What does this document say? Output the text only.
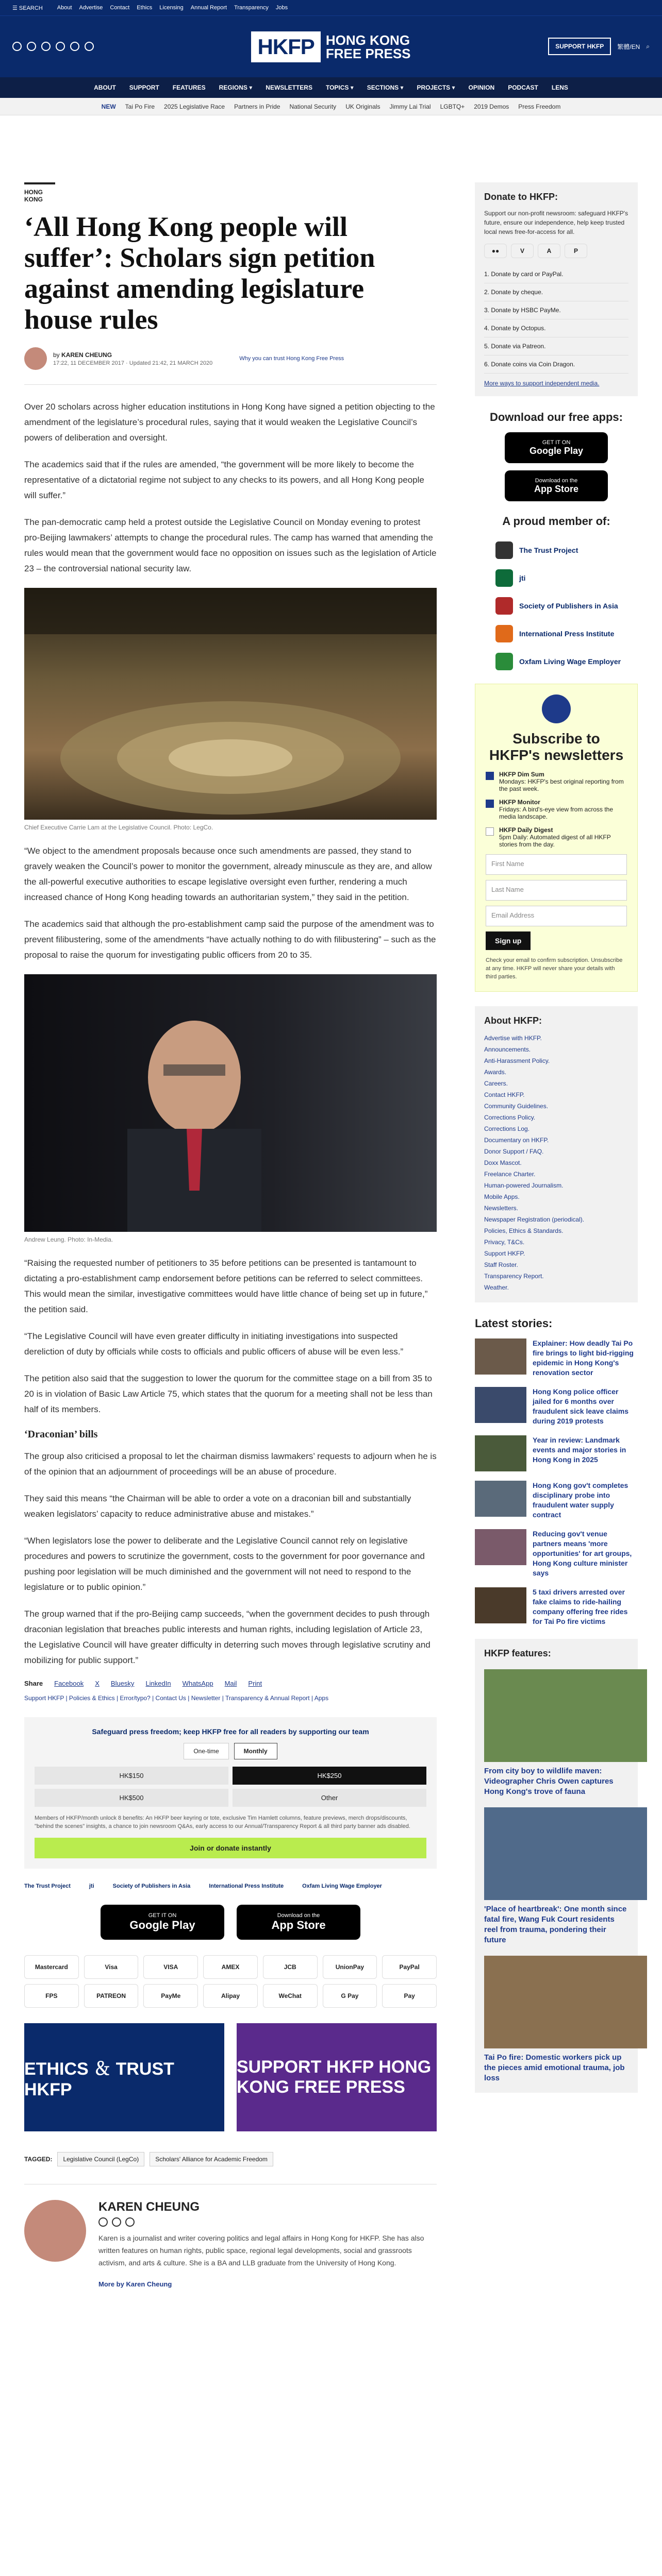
☰ SEARCH	About Advertise Contact Ethics Licensing Annual Report Transparency Jobs
HKFP HONG KONG
FREE PRESS	SUPPORT HKFP	繁體/EN ⌕
ABOUT SUPPORT FEATURES REGIONS ▾ NEWSLETTERS TOPICS ▾ SECTIONS ▾ PROJECTS ▾ OPINION PODCAST LENS
NEW Tai Po Fire 2025 Legislative Race Partners in Pride National Security UK Originals Jimmy Lai Trial LGBTQ+ 2019 Demos Press Freedom
HONG KONG
‘All Hong Kong people will suffer’: Scholars sign petition against amending legislature house rules
by KAREN CHEUNG
17:22, 11 DECEMBER 2017 · Updated 21:42, 21 MARCH 2020
Why you can trust Hong Kong Free Press

Over 20 scholars across higher education institutions in Hong Kong have signed a petition objecting to the amendment of the legislature’s procedural rules, saying that it would weaken the Legislative Council’s powers of deliberation and oversight.

The academics said that if the rules are amended, “the government will be more likely to become the representative of a dictatorial regime not subject to any checks to its powers, and all Hong Kong people will suffer.”

The pan-democratic camp held a protest outside the Legislative Council on Monday evening to protest pro-Beijing lawmakers’ attempts to change the procedural rules. The camp has warned that amending the rules would mean that the government would face no opposition on issues such as the legislation of Article 23 – the controversial national security law.

Chief Executive Carrie Lam at the Legislative Council. Photo: LegCo.

“We object to the amendment proposals because once such amendments are passed, they stand to gravely weaken the Council’s power to monitor the government, already minuscule as they are, and allow the all-powerful executive authorities to escape legislative oversight even further, rendering a much increased chance of Hong Kong heading towards an authoritarian system,” they said in the petition.

The academics said that although the pro-establishment camp said the purpose of the amendment was to prevent filibustering, some of the amendments “have actually nothing to do with filibustering” – such as the proposal to raise the quorum for investigating public officers from 20 to 35.

Andrew Leung. Photo: In-Media.

“Raising the requested number of petitioners to 35 before petitions can be presented is tantamount to dictating a pro-establishment camp endorsement before petitions can be referred to select committees. This would mean the similar, investigative committees would have little chance of being set up in future,” the petition said.

“The Legislative Council will have even greater difficulty in initiating investigations into suspected dereliction of duty by officials while costs to officials and public officers of abuse will be even less.”

The petition also said that the suggestion to lower the quorum for the committee stage on a bill from 35 to 20 is in violation of Basic Law Article 75, which states that the quorum for a meeting shall not be less than half of its members.

‘Draconian’ bills

The group also criticised a proposal to let the chairman dismiss lawmakers’ requests to adjourn when he is of the opinion that an adjournment of proceedings will be an abuse of procedure.

They said this means “the Chairman will be able to order a vote on a draconian bill and substantially weaken legislators’ capacity to reduce administrative abuse and mistakes.”

“When legislators lose the power to deliberate and the Legislative Council cannot rely on legislative procedures and powers to scrutinize the government, costs to the government for poor governance and pushing poor legislation will be much diminished and the government will not need to respond to the legislature or to public opinion.”

The group warned that if the pro-Beijing camp succeeds, “when the government decides to push through draconian legislation that breaches public interests and human rights, including legislation of Article 23, the Legislative Council will have greater difficulty in deterring such moves through legislative scrutiny and mobilizing for public support.”

Share Facebook X Bluesky LinkedIn WhatsApp Mail Print
Support HKFP | Policies & Ethics | Error/typo? | Contact Us | Newsletter | Transparency & Annual Report | Apps
Safeguard press freedom; keep HKFP free for all readers by supporting our team
One-time	Monthly
HK$150	HK$250
HK$500	Other
Members of HKFP/month unlock 8 benefits: An HKFP beer keyring or tote, exclusive Tim Hamlett columns, feature previews, merch drops/discounts, "behind the scenes" insights, a chance to join newsroom Q&As, early access to our Annual/Transparency Report & all third party banner ads disabled.
Join or donate instantly
The Trust Project	jti	Society of Publishers in Asia	International Press Institute	Oxfam Living Wage Employer
GET IT ON
Google Play
Download on the
App Store
Mastercard	Visa	VISA	AMEX	JCB	UnionPay	PayPal
FPS	PATREON	PayMe	Alipay	WeChat	G Pay	Pay
ETHICS ＆ TRUST HKFP
SUPPORT HKFP HONG KONG FREE PRESS
TAGGED:	Legislative Council (LegCo)	Scholars' Alliance for Academic Freedom
KAREN CHEUNG

Karen is a journalist and writer covering politics and legal affairs in Hong Kong for HKFP. She has also written features on human rights, public space, regional legal developments, social and grassroots activism, and arts & culture. She is a BA and LLB graduate from the University of Hong Kong.

More by Karen Cheung
Donate to HKFP:
Support our non-profit newsroom: safeguard HKFP's future, ensure our independence, help keep trusted local news free-for-access for all.
●●	V	A	P
1. Donate by card or PayPal.
2. Donate by cheque.
3. Donate by HSBC PayMe.
4. Donate by Octopus.
5. Donate via Patreon.
6. Donate coins via Coin Dragon.
More ways to support independent media.
Download our free apps:
GET IT ON
Google Play
Download on the
App Store
A proud member of:
The Trust Project
jti
Society of Publishers in Asia
International Press Institute
Oxfam Living Wage Employer
Subscribe to HKFP's newsletters
HKFP Dim Sum
Mondays: HKFP's best original reporting from the past week.
HKFP Monitor
Fridays: A bird's-eye view from across the media landscape.
HKFP Daily Digest
5pm Daily: Automated digest of all HKFP stories from the day.
First Name
Last Name
Email Address
Sign up
Check your email to confirm subscription. Unsubscribe at any time. HKFP will never share your details with third parties.
About HKFP:
Advertise with HKFP.
Announcements.
Anti-Harassment Policy.
Awards.
Careers.
Contact HKFP.
Community Guidelines.
Corrections Policy.
Corrections Log.
Documentary on HKFP.
Donor Support / FAQ.
Doxx Mascot.
Freelance Charter.
Human-powered Journalism.
Mobile Apps.
Newsletters.
Newspaper Registration (periodical).
Policies, Ethics & Standards.
Privacy, T&Cs.
Support HKFP.
Staff Roster.
Transparency Report.
Weather.
Latest stories:
Explainer: How deadly Tai Po fire brings to light bid-rigging epidemic in Hong Kong's renovation sector
Hong Kong police officer jailed for 6 months over fraudulent sick leave claims during 2019 protests
Year in review: Landmark events and major stories in Hong Kong in 2025
Hong Kong gov't completes disciplinary probe into fraudulent water supply contract
Reducing gov't venue partners means 'more opportunities' for art groups, Hong Kong culture minister says
5 taxi drivers arrested over fake claims to ride-hailing company offering free rides for Tai Po fire victims
HKFP features:
From city boy to wildlife maven: Videographer Chris Owen captures Hong Kong's trove of fauna
'Place of heartbreak': One month since fatal fire, Wang Fuk Court residents reel from trauma, pondering their future
Tai Po fire: Domestic workers pick up the pieces amid emotional trauma, job loss
